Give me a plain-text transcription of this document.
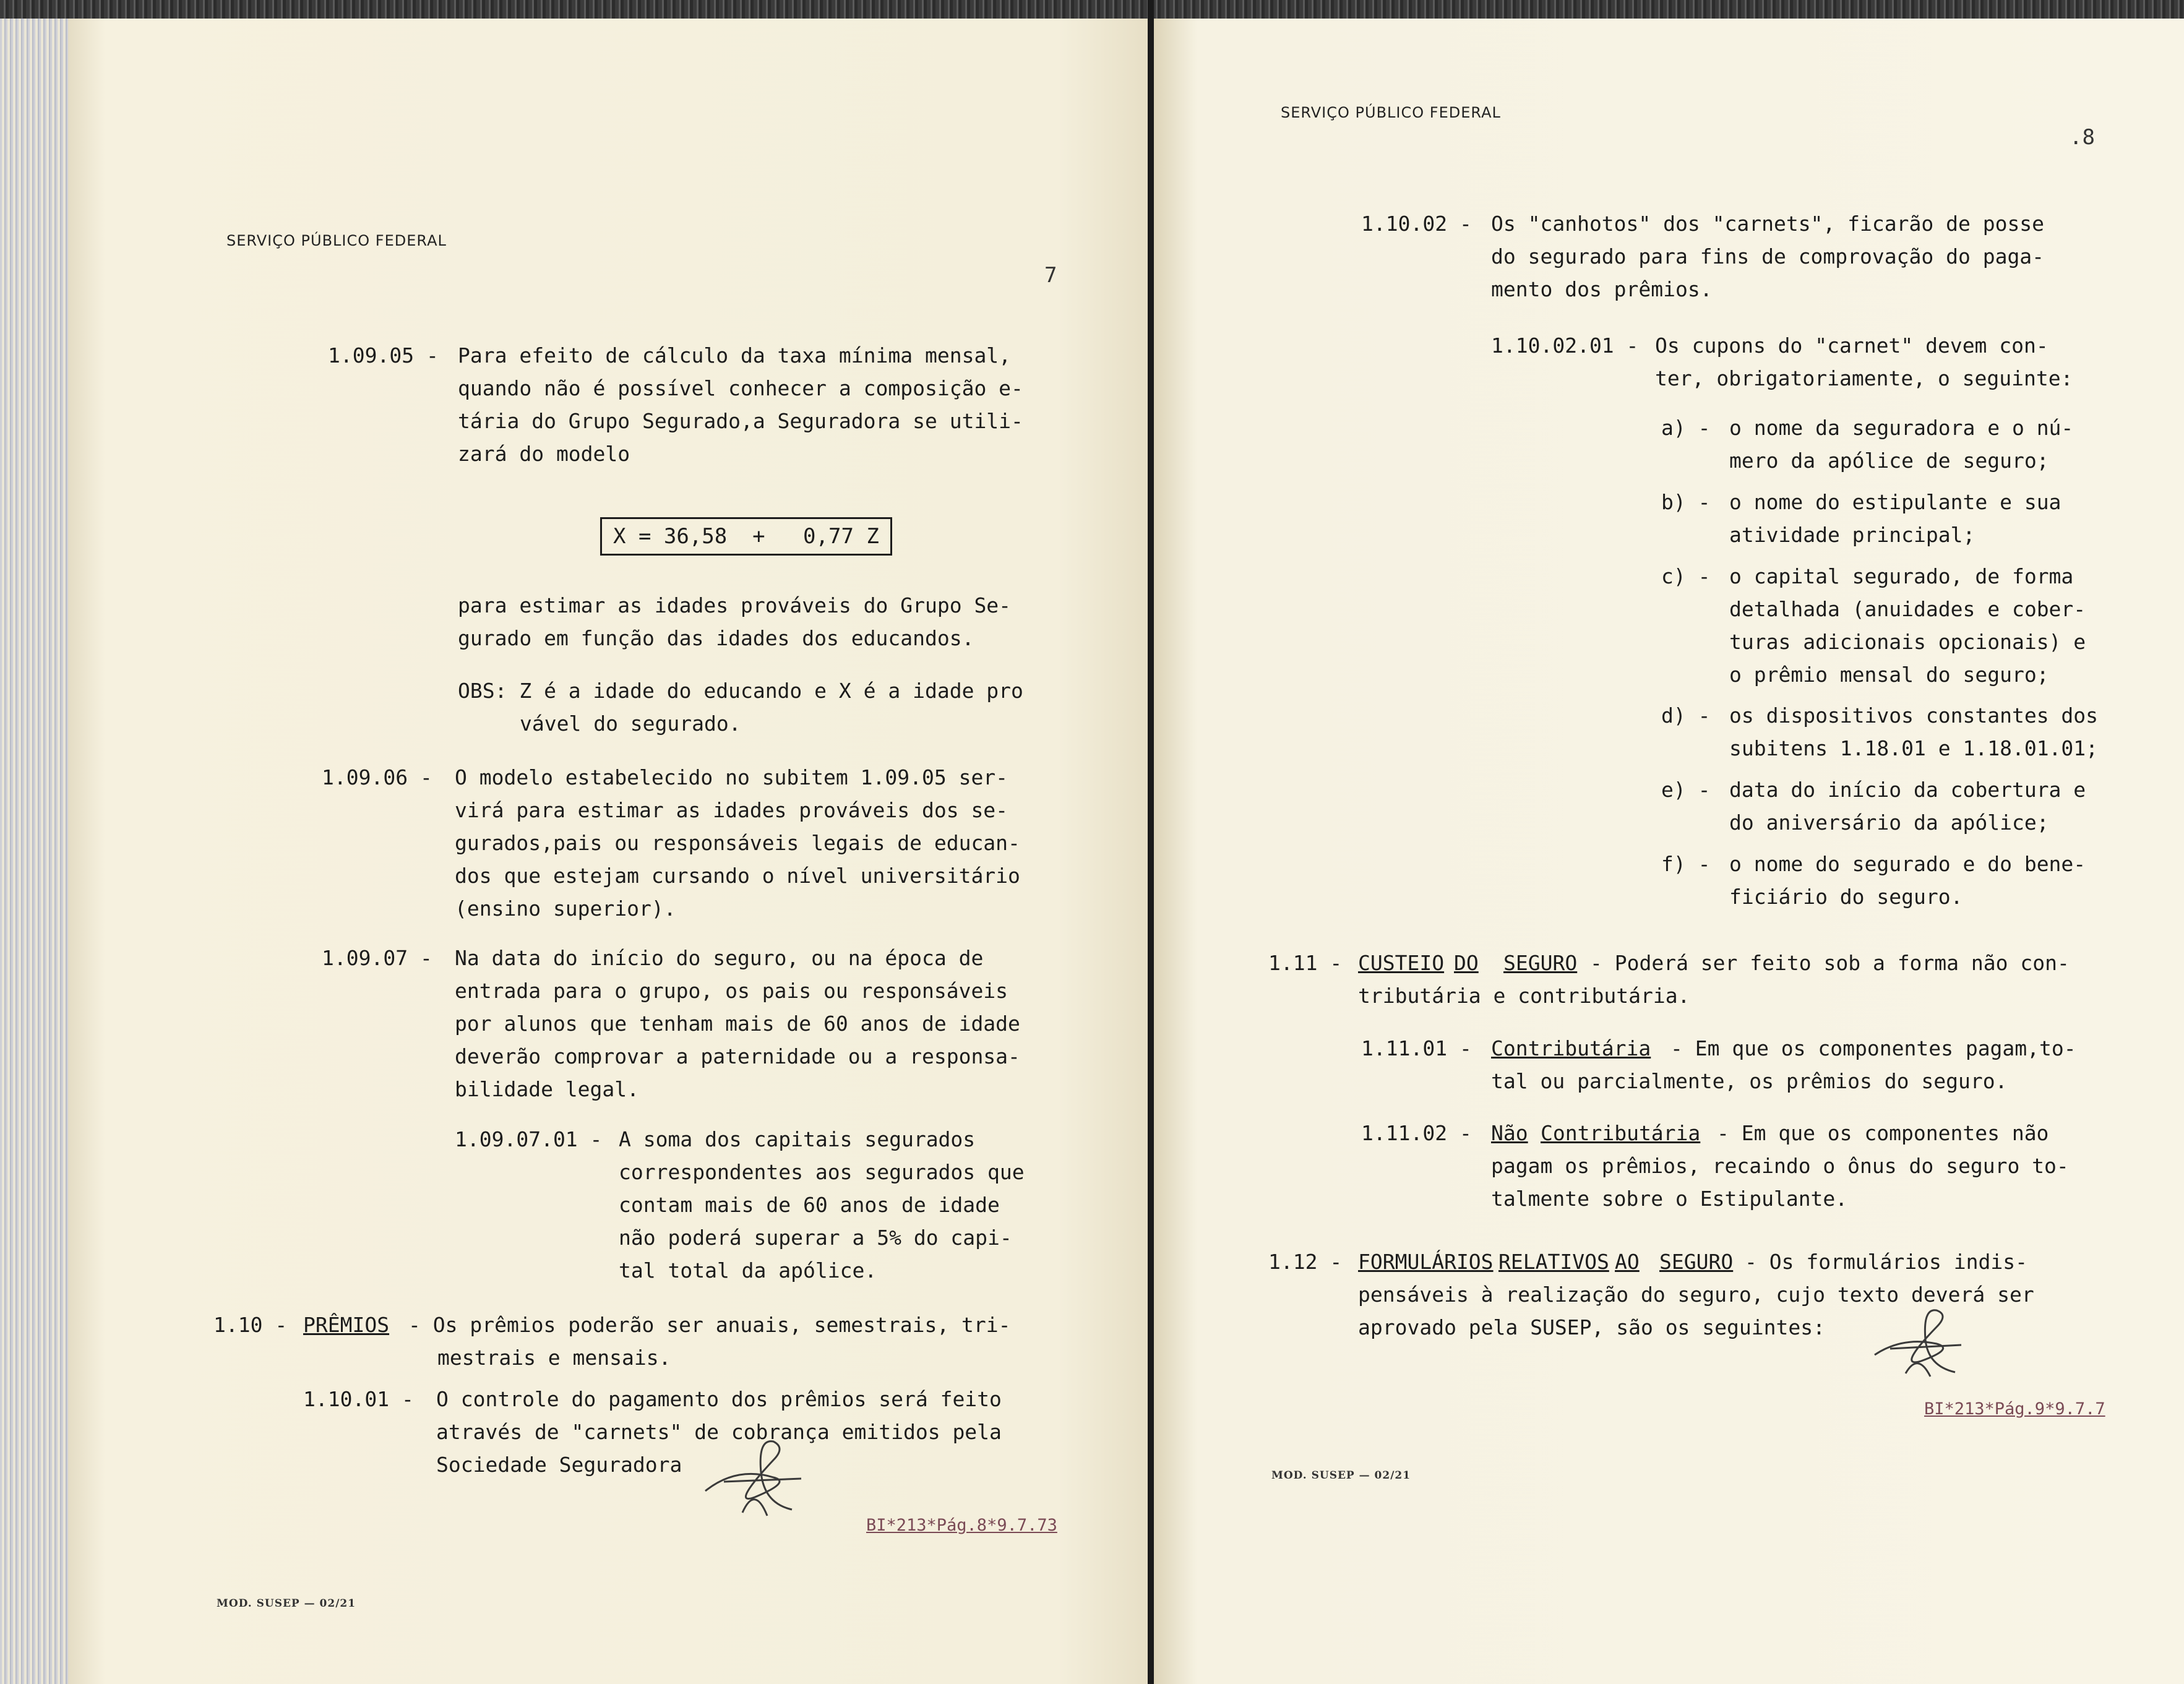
SERVIÇO PÚBLICO FEDERAL
7
1.09.05 - Para efeito de cálculo da taxa mínima mensal,
quando não é possível conhecer a composição e-
tária do Grupo Segurado,a Seguradora se utili-
zará do modelo
X = 36,58  +   0,77 Z
para estimar as idades prováveis do Grupo Se-
gurado em função das idades dos educandos.
OBS: Z é a idade do educando e X é a idade pro
vável do segurado.
1.09.06 - O modelo estabelecido no subitem 1.09.05 ser-
virá para estimar as idades prováveis dos se-
gurados,pais ou responsáveis legais de educan-
dos que estejam cursando o nível universitário
(ensino superior).
1.09.07 - Na data do início do seguro, ou na época de
entrada para o grupo, os pais ou responsáveis
por alunos que tenham mais de 60 anos de idade
deverão comprovar a paternidade ou a responsa-
bilidade legal.
1.09.07.01 - A soma dos capitais segurados
correspondentes aos segurados que
contam mais de 60 anos de idade
não poderá superar a 5% do capi-
tal total da apólice.
1.10 - PRÊMIOS - Os prêmios poderão ser anuais, semestrais, tri-
mestrais e mensais.
1.10.01 - O controle do pagamento dos prêmios será feito
através de "carnets" de cobrança emitidos pela
Sociedade Seguradora
BI*213*Pág.8*9.7.73
MOD. SUSEP — 02/21
SERVIÇO PÚBLICO FEDERAL
.8
1.10.02 - Os "canhotos" dos "carnets", ficarão de posse
do segurado para fins de comprovação do paga-
mento dos prêmios.
1.10.02.01 - Os cupons do "carnet" devem con-
ter, obrigatoriamente, o seguinte:
a) - o nome da seguradora e o nú-
mero da apólice de seguro;
b) - o nome do estipulante e sua
atividade principal;
c) - o capital segurado, de forma
detalhada (anuidades e cober-
turas adicionais opcionais) e
o prêmio mensal do seguro;
d) - os dispositivos constantes dos
subitens 1.18.01 e 1.18.01.01;
e) - data do início da cobertura e
do aniversário da apólice;
f) - o nome do segurado e do bene-
ficiário do seguro.
1.11 - CUSTEIO DO SEGURO - Poderá ser feito sob a forma não con-
tributária e contributária.
1.11.01 - Contributária - Em que os componentes pagam,to-
tal ou parcialmente, os prêmios do seguro.
1.11.02 - Não Contributária - Em que os componentes não
pagam os prêmios, recaindo o ônus do seguro to-
talmente sobre o Estipulante.
1.12 - FORMULÁRIOS RELATIVOS AO SEGURO - Os formulários indis-
pensáveis à realização do seguro, cujo texto deverá ser
aprovado pela SUSEP, são os seguintes:
BI*213*Pág.9*9.7.7
MOD. SUSEP — 02/21
